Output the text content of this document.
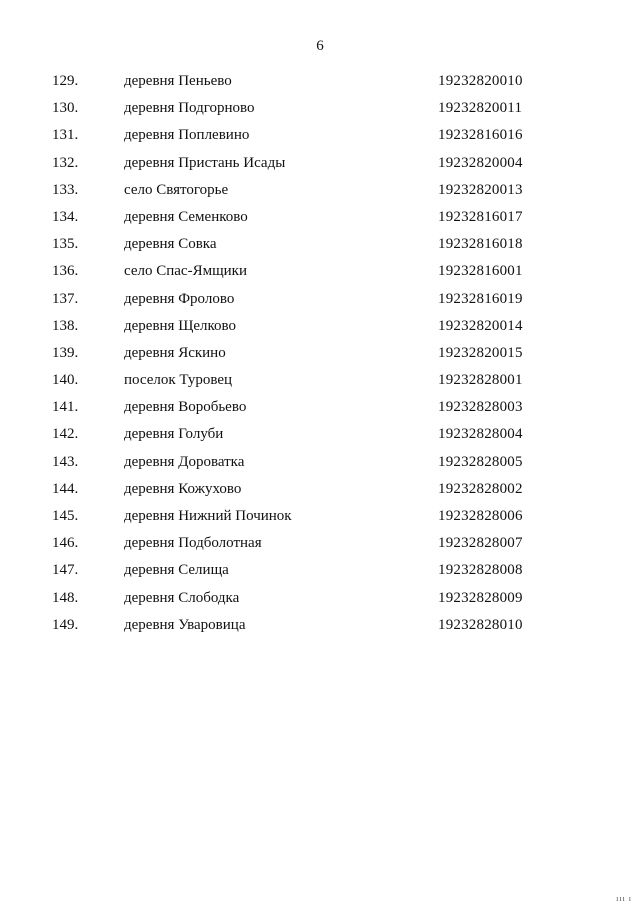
6
129.	деревня Пеньево	19232820010
130.	деревня Подгорново	19232820011
131.	деревня Поплевино	19232816016
132.	деревня Пристань Исады	19232820004
133.	село Святогорье	19232820013
134.	деревня Семенково	19232816017
135.	деревня Совка	19232816018
136.	село Спас-Ямщики	19232816001
137.	деревня Фролово	19232816019
138.	деревня Щелково	19232820014
139.	деревня Яскино	19232820015
140.	поселок Туровец	19232828001
141.	деревня Воробьево	19232828003
142.	деревня Голуби	19232828004
143.	деревня Дороватка	19232828005
144.	деревня Кожухово	19232828002
145.	деревня Нижний Починок	19232828006
146.	деревня Подболотная	19232828007
147.	деревня Селища	19232828008
148.	деревня Слободка	19232828009
149.	деревня Уваровица	19232828010
ııı ı
